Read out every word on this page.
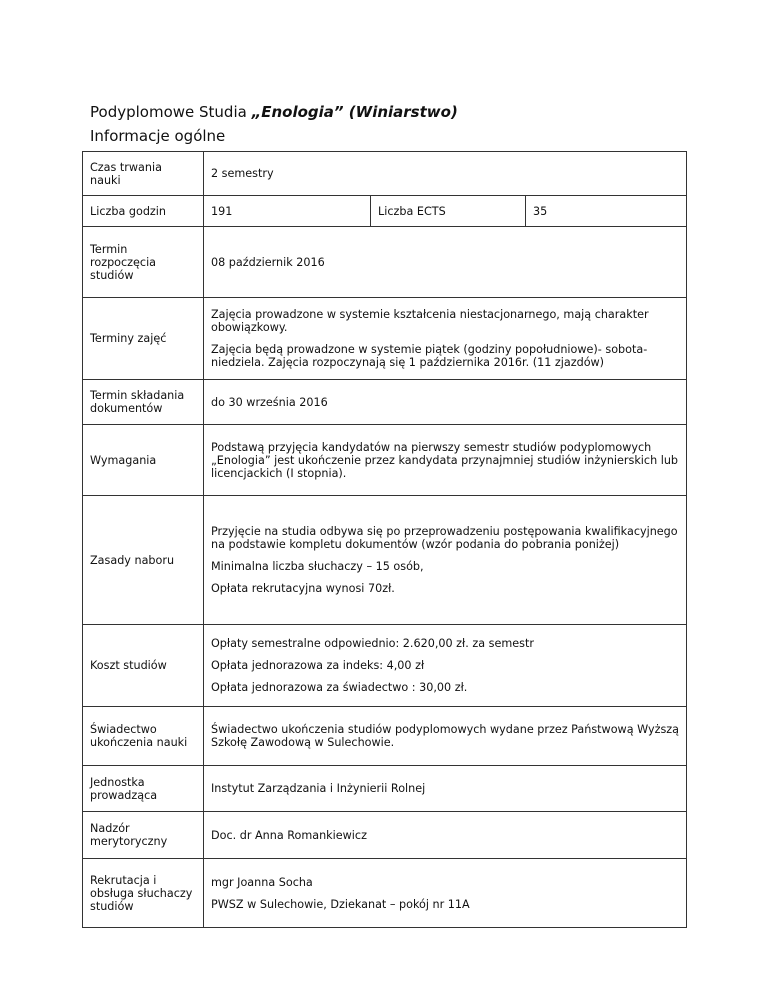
Podyplomowe Studia „Enologia” (Winiarstwo)
Informacje ogólne
Czas trwania nauki	2 semestry		
Liczba godzin	191	Liczba ECTS	35
Termin rozpoczęcia studiów	08 październik 2016		
Terminy zajęć	Zajęcia prowadzone w systemie kształcenia niestacjonarnego, mają charakter obowiązkowy.

Zajęcia będą prowadzone w systemie piątek (godziny popołudniowe)- sobota-niedziela. Zajęcia rozpoczynają się 1 października 2016r. (11 zjazdów)		

Termin składania dokumentów	do 30 września 2016		
Wymagania	Podstawą przyjęcia kandydatów na pierwszy semestr studiów podyplomowych „Enologia” jest ukończenie przez kandydata przynajmniej studiów inżynierskich lub licencjackich (I stopnia).		
Zasady naboru	Przyjęcie na studia odbywa się po przeprowadzeniu postępowania kwalifikacyjnego na podstawie kompletu dokumentów (wzór podania do pobrania poniżej)

Minimalna liczba słuchaczy – 15 osób,

Opłata rekrutacyjna wynosi 70zł.		

Koszt studiów	Opłaty semestralne odpowiednio: 2.620,00 zł. za semestr

Opłata jednorazowa za indeks: 4,00 zł

Opłata jednorazowa za świadectwo : 30,00 zł.		

Świadectwo ukończenia nauki	Świadectwo ukończenia studiów podyplomowych wydane przez Państwową Wyższą Szkołę Zawodową w Sulechowie.		
Jednostka prowadząca	Instytut Zarządzania i Inżynierii Rolnej		
Nadzór merytoryczny	Doc. dr Anna Romankiewicz		
Rekrutacja i obsługa słuchaczy studiów	mgr Joanna Socha

PWSZ w Sulechowie, Dziekanat – pokój nr 11A		
